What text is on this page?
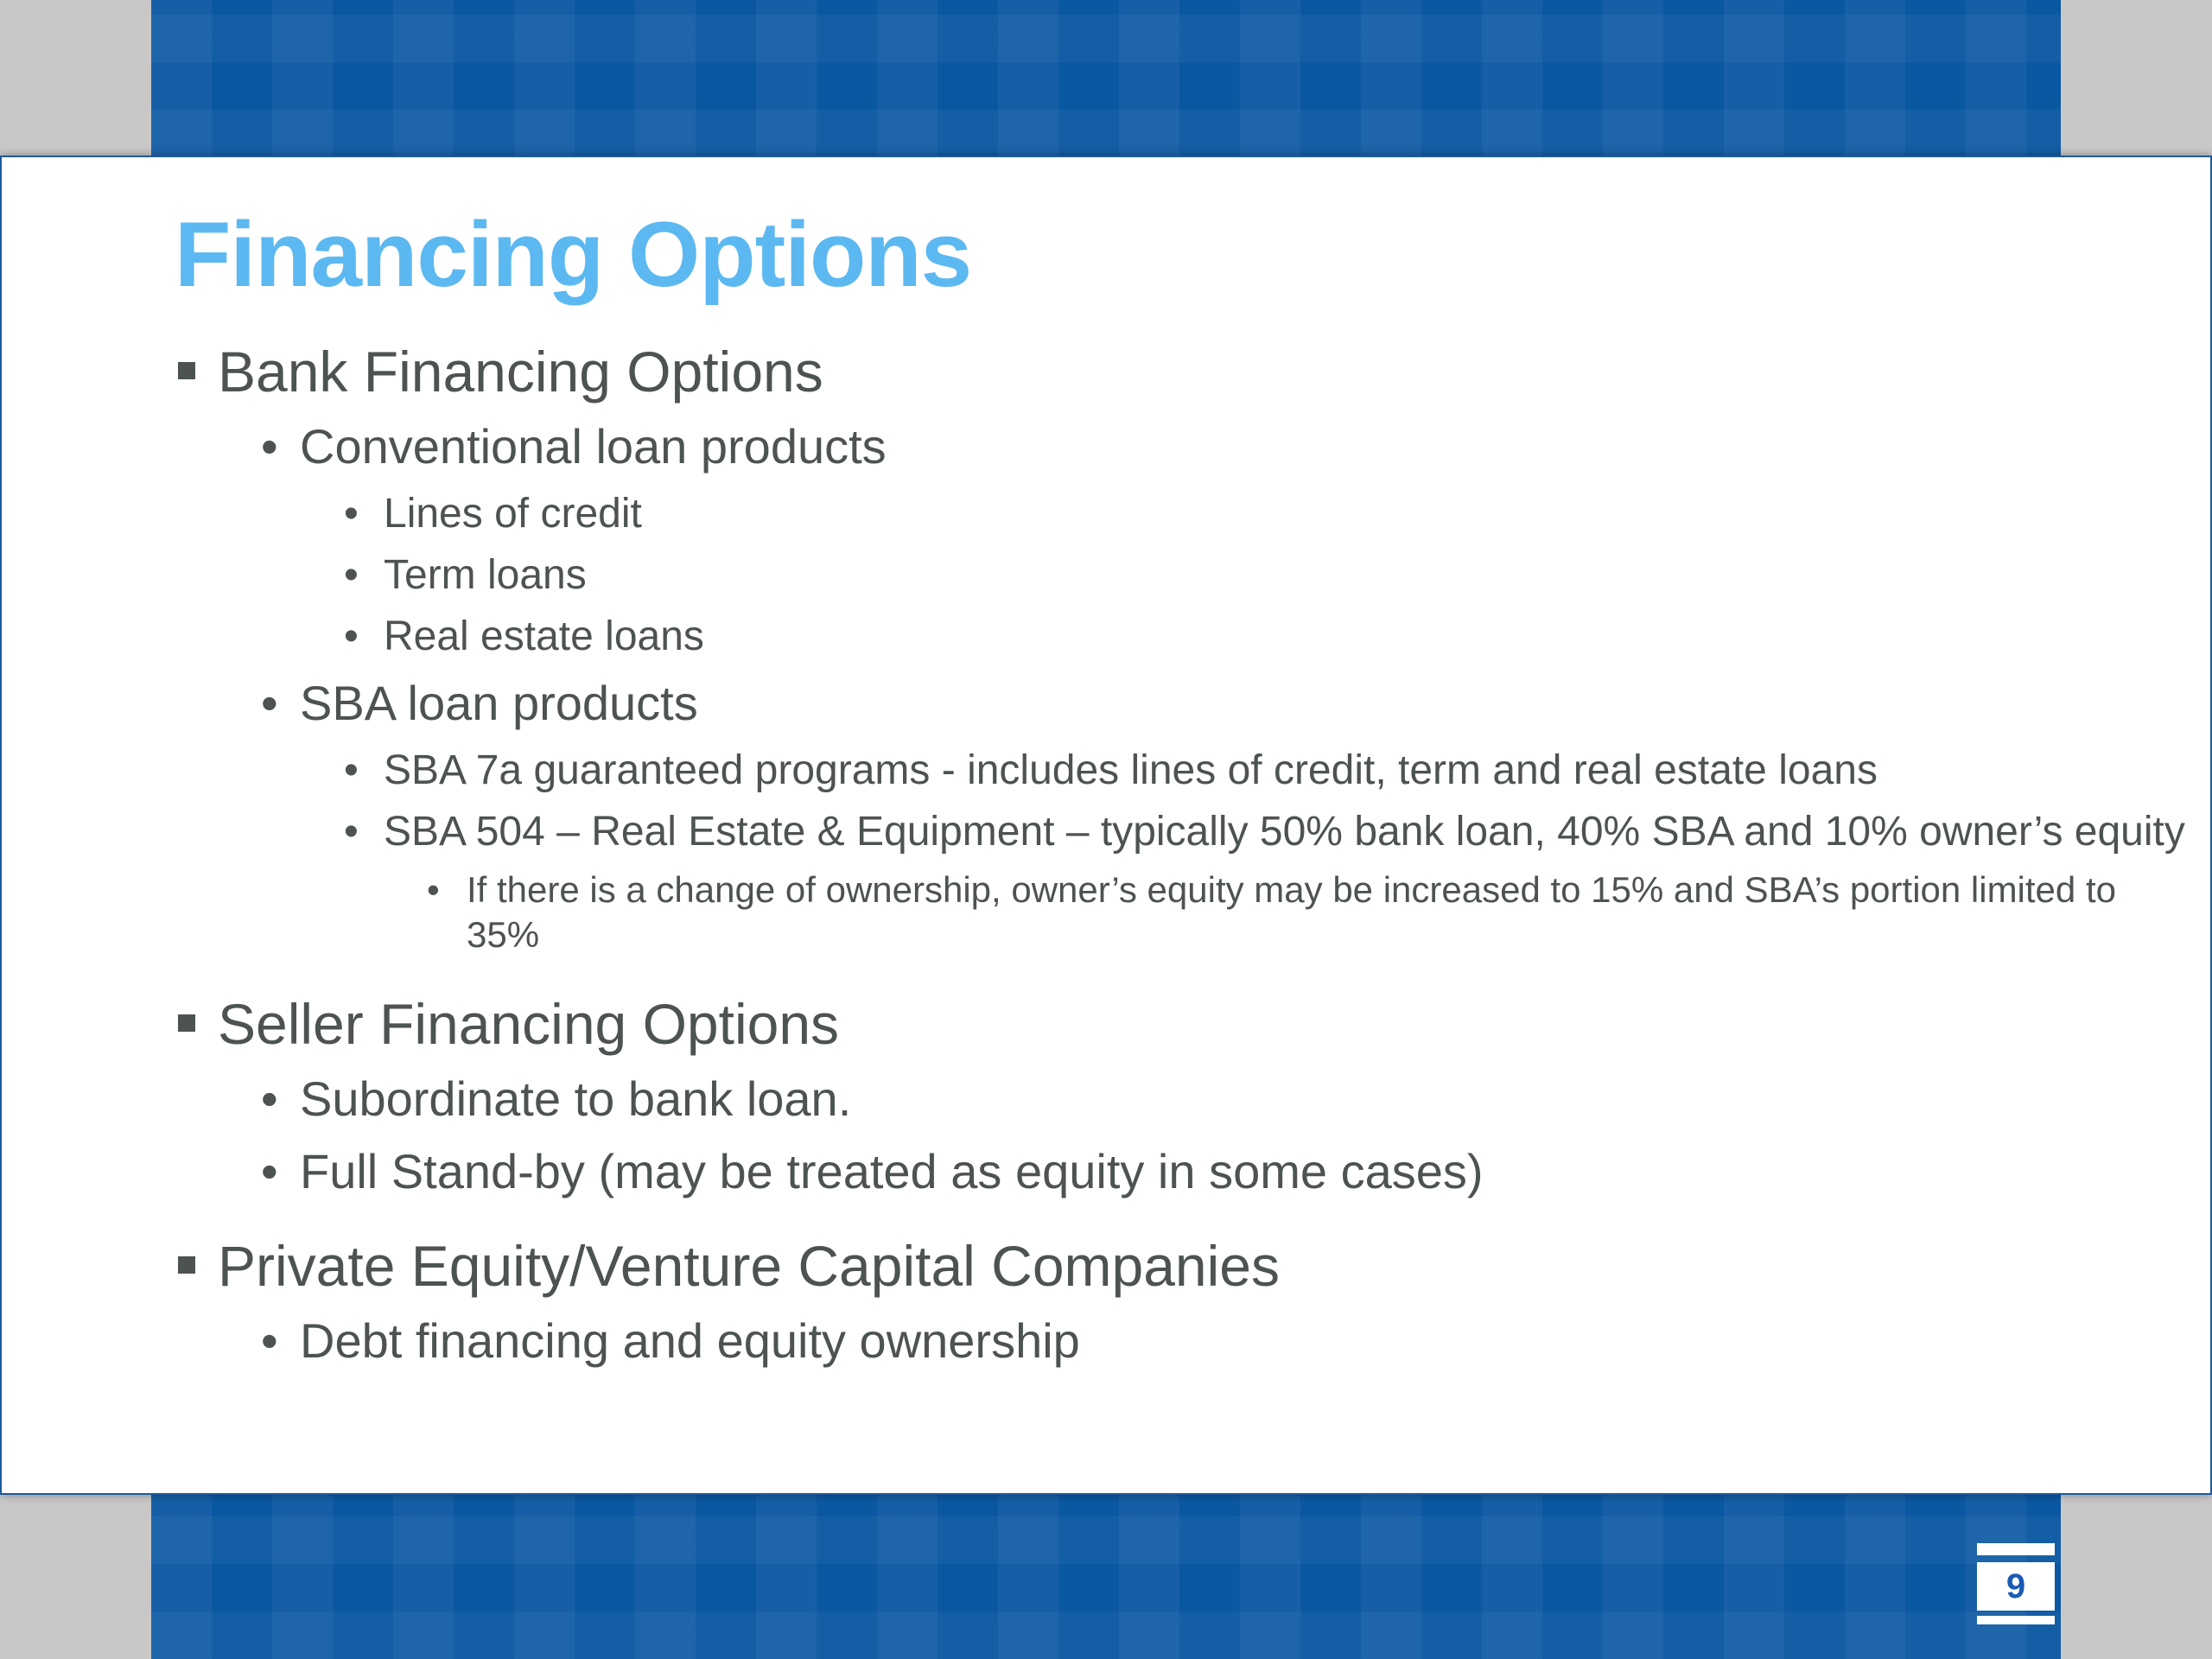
Financing Options
Bank Financing Options
• Conventional loan products
• Lines of credit
• Term loans
• Real estate loans
• SBA loan products
• SBA 7a guaranteed programs - includes lines of credit, term and real estate loans
• SBA 504 – Real Estate & Equipment – typically 50% bank loan, 40% SBA and 10% owner’s equity
• If there is a change of ownership, owner’s equity may be increased to 15% and SBA’s portion limited to 35%
Seller Financing Options
• Subordinate to bank loan.
• Full Stand-by (may be treated as equity in some cases)
Private Equity/Venture Capital Companies
• Debt financing and equity ownership
9
